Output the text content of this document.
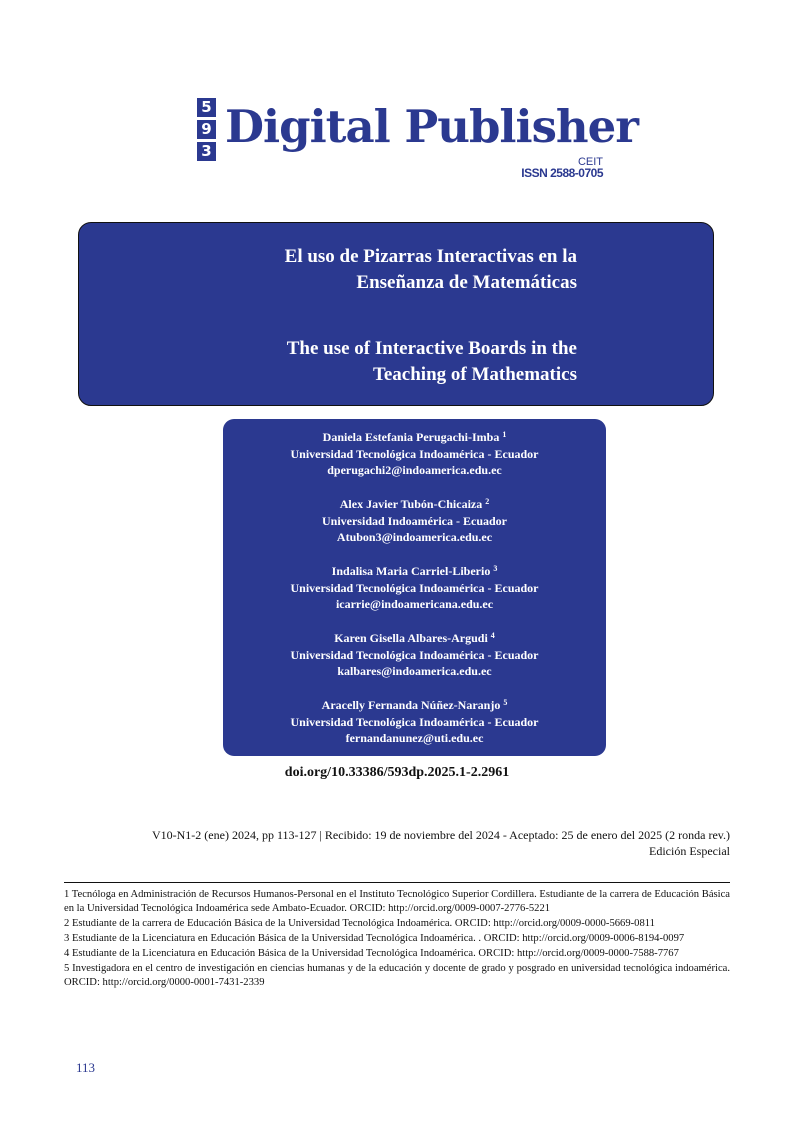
5
9
3 Digital Publisher
CEIT
ISSN 2588-0705
El uso de Pizarras Interactivas en la
Enseñanza de Matemáticas
The use of Interactive Boards in the
Teaching of Mathematics
Daniela Estefania Perugachi-Imba $^1$
Universidad Tecnológica Indoamérica - Ecuador
dperugachi2@indoamerica.edu.ec
Alex Javier Tubón-Chicaiza $^2$
Universidad Indoamérica - Ecuador
Atubon3@indoamerica.edu.ec
Indalisa Maria Carriel-Liberio $^3$
Universidad Tecnológica Indoamérica - Ecuador
icarrie@indoamericana.edu.ec
Karen Gisella Albares-Argudi $^4$
Universidad Tecnológica Indoamérica - Ecuador
kalbares@indoamerica.edu.ec
Aracelly Fernanda Núñez-Naranjo $^5$
Universidad Tecnológica Indoamérica - Ecuador
fernandanunez@uti.edu.ec

doi.org/10.33386/593dp.2025.1-2.2961

V10-N1-2 (ene) 2024, pp 113-127 | Recibido: 19 de noviembre del 2024 - Aceptado: 25 de enero del 2025 (2 ronda rev.)
Edición Especial

1 Tecnóloga en Administración de Recursos Humanos-Personal en el Instituto Tecnológico Superior Cordillera. Estudiante de la carrera de Educación Básica en la Universidad Tecnológica Indoamérica sede Ambato-Ecuador. ORCID: http://orcid.org/0009-0007-2776-5221

2 Estudiante de la carrera de Educación Básica de la Universidad Tecnológica Indoamérica. ORCID: http://orcid.org/0009-0000-5669-0811

3 Estudiante de la Licenciatura en Educación Básica de la Universidad Tecnológica Indoamérica. . ORCID: http://orcid.org/0009-0006-8194-0097

4 Estudiante de la Licenciatura en Educación Básica de la Universidad Tecnológica Indoamérica. ORCID: http://orcid.org/0009-0000-7588-7767

5 Investigadora en el centro de investigación en ciencias humanas y de la educación y docente de grado y posgrado en universidad tecnológica indoamérica. ORCID: http://orcid.org/0000-0001-7431-2339

113
